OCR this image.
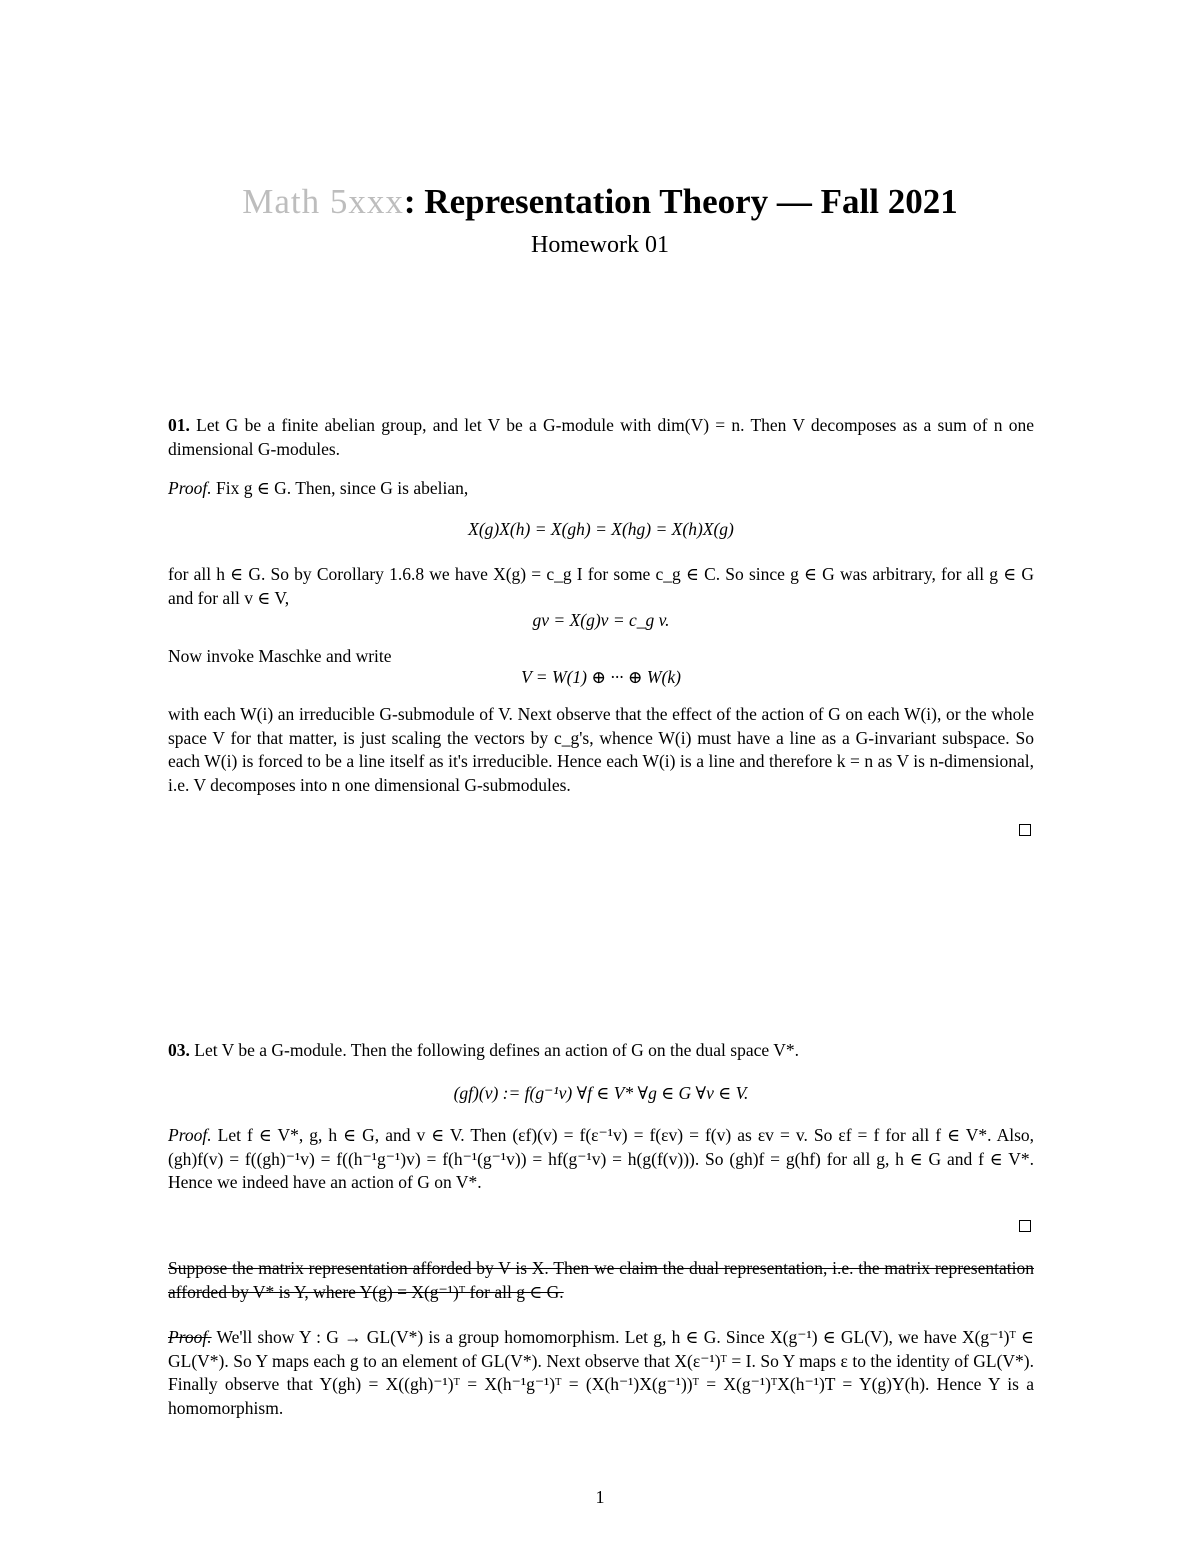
Math 5xxx: Representation Theory — Fall 2021
Homework 01
01. Let G be a finite abelian group, and let V be a G-module with dim(V) = n. Then V decomposes as a sum of n one dimensional G-modules.
Proof. Fix g ∈ G. Then, since G is abelian,
X(g)X(h) = X(gh) = X(hg) = X(h)X(g)
for all h ∈ G. So by Corollary 1.6.8 we have X(g) = c_g I for some c_g ∈ C. So since g ∈ G was arbitrary, for all g ∈ G and for all v ∈ V,
gv = X(g)v = c_g v.
Now invoke Maschke and write
V = W(1) ⊕ ··· ⊕ W(k)
with each W(i) an irreducible G-submodule of V. Next observe that the effect of the action of G on each W(i), or the whole space V for that matter, is just scaling the vectors by c_g's, whence W(i) must have a line as a G-invariant subspace. So each W(i) is forced to be a line itself as it's irreducible. Hence each W(i) is a line and therefore k = n as V is n-dimensional, i.e. V decomposes into n one dimensional G-submodules.
03. Let V be a G-module. Then the following defines an action of G on the dual space V*.
(gf)(v) := f(g⁻¹v) ∀f ∈ V* ∀g ∈ G ∀v ∈ V.
Proof. Let f ∈ V*, g, h ∈ G, and v ∈ V. Then (εf)(v) = f(ε⁻¹v) = f(εv) = f(v) as εv = v. So εf = f for all f ∈ V*. Also, (gh)f(v) = f((gh)⁻¹v) = f((h⁻¹g⁻¹)v) = f(h⁻¹(g⁻¹v)) = hf(g⁻¹v) = h(g(f(v))). So (gh)f = g(hf) for all g, h ∈ G and f ∈ V*. Hence we indeed have an action of G on V*.
Suppose the matrix representation afforded by V is X. Then we claim the dual representation, i.e. the matrix representation afforded by V* is Y, where Y(g) = X(g⁻¹)ᵀ for all g ∈ G.
Proof. We'll show Y : G → GL(V*) is a group homomorphism. Let g, h ∈ G. Since X(g⁻¹) ∈ GL(V), we have X(g⁻¹)ᵀ ∈ GL(V*). So Y maps each g to an element of GL(V*). Next observe that X(ε⁻¹)ᵀ = I. So Y maps ε to the identity of GL(V*). Finally observe that Y(gh) = X((gh)⁻¹)ᵀ = X(h⁻¹g⁻¹)ᵀ = (X(h⁻¹)X(g⁻¹))ᵀ = X(g⁻¹)ᵀX(h⁻¹)T = Y(g)Y(h). Hence Y is a homomorphism.
1
